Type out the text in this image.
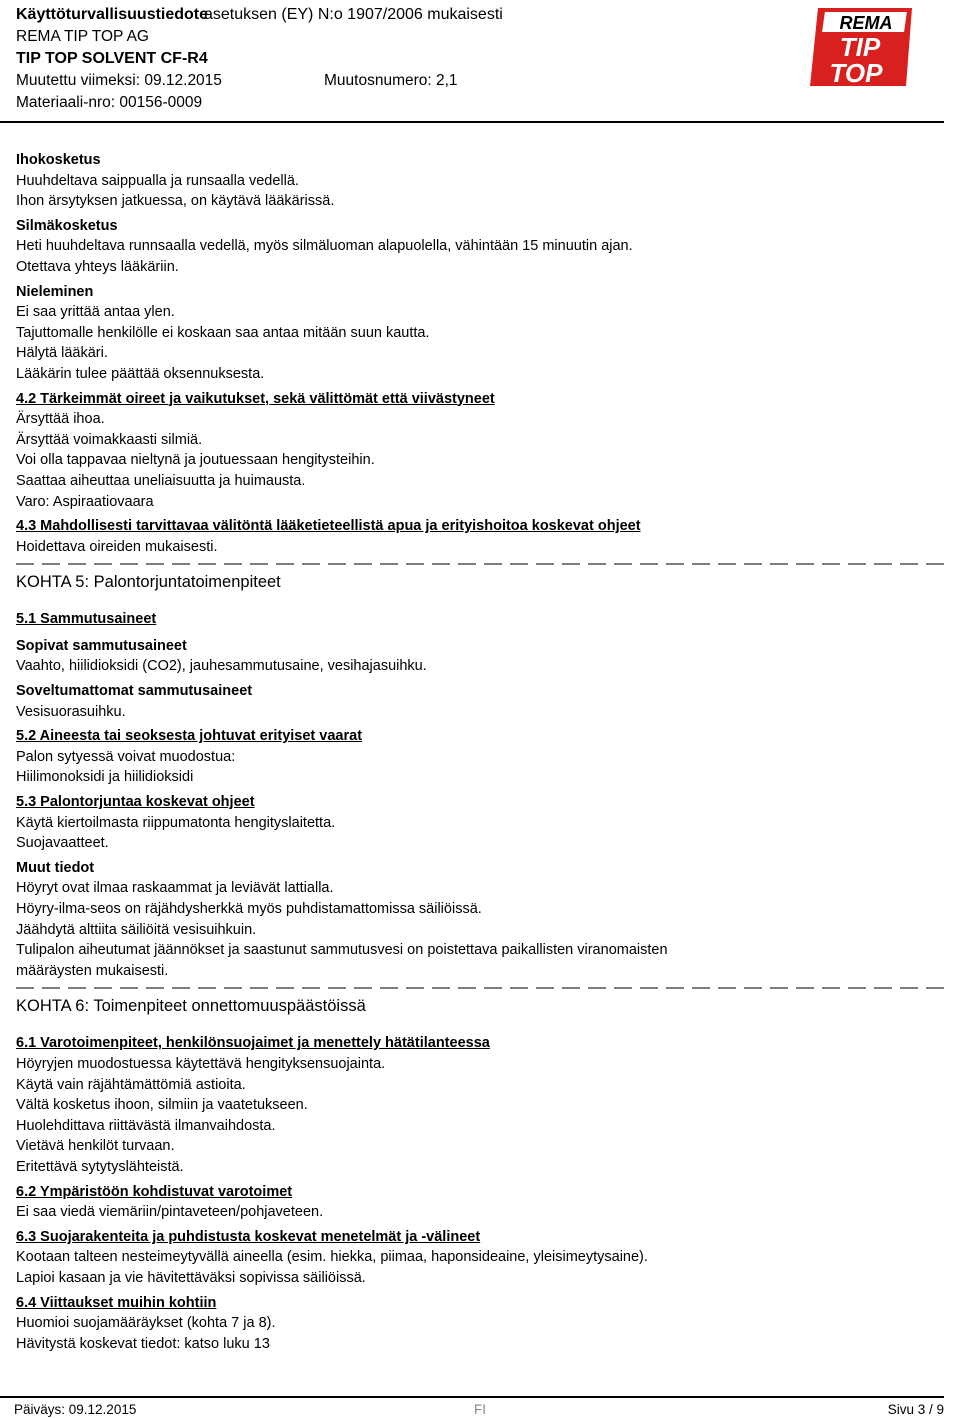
Käyttöturvallisuustiedote
asetuksen (EY) N:o 1907/2006 mukaisesti
REMA TIP TOP AG
TIP TOP SOLVENT CF-R4
Muutettu viimeksi: 09.12.2015	Muutosnumero: 2,1
Materiaali-nro: 00156-0009
REMA
TIP
TOP

Ihokosketus

Huuhdeltava saippualla ja runsaalla vedellä.

Ihon ärsytyksen jatkuessa, on käytävä lääkärissä.

Silmäkosketus

Heti huuhdeltava runnsaalla vedellä, myös silmäluoman alapuolella, vähintään 15 minuutin ajan.

Otettava yhteys lääkäriin.

Nieleminen

Ei saa yrittää antaa ylen.

Tajuttomalle henkilölle ei koskaan saa antaa mitään suun kautta.

Hälytä lääkäri.

Lääkärin tulee päättää oksennuksesta.

4.2 Tärkeimmät oireet ja vaikutukset, sekä välittömät että viivästyneet

Ärsyttää ihoa.

Ärsyttää voimakkaasti silmiä.

Voi olla tappavaa nieltynä ja joutuessaan hengitysteihin.

Saattaa aiheuttaa uneliaisuutta ja huimausta.

Varo: Aspiraatiovaara

4.3 Mahdollisesti tarvittavaa välitöntä lääketieteellistä apua ja erityishoitoa koskevat ohjeet

Hoidettava oireiden mukaisesti.

KOHTA 5: Palontorjuntatoimenpiteet

5.1 Sammutusaineet

Sopivat sammutusaineet

Vaahto, hiilidioksidi (CO2), jauhesammutusaine, vesihajasuihku.

Soveltumattomat sammutusaineet

Vesisuorasuihku.

5.2 Aineesta tai seoksesta johtuvat erityiset vaarat

Palon sytyessä voivat muodostua:

Hiilimonoksidi ja hiilidioksidi

5.3 Palontorjuntaa koskevat ohjeet

Käytä kiertoilmasta riippumatonta hengityslaitetta.

Suojavaatteet.

Muut tiedot

Höyryt ovat ilmaa raskaammat ja leviävät lattialla.

Höyry-ilma-seos on räjähdysherkkä myös puhdistamattomissa säiliöissä.

Jäähdytä alttiita säiliöitä vesisuihkuin.

Tulipalon aiheutumat jäännökset ja saastunut sammutusvesi on poistettava paikallisten viranomaisten

määräysten mukaisesti.

KOHTA 6: Toimenpiteet onnettomuuspäästöissä

6.1 Varotoimenpiteet, henkilönsuojaimet ja menettely hätätilanteessa

Höyryjen muodostuessa käytettävä hengityksensuojainta.

Käytä vain räjähtämättömiä astioita.

Vältä kosketus ihoon, silmiin ja vaatetukseen.

Huolehdittava riittävästä ilmanvaihdosta.

Vietävä henkilöt turvaan.

Eritettävä sytytyslähteistä.

6.2 Ympäristöön kohdistuvat varotoimet

Ei saa viedä viemäriin/pintaveteen/pohjaveteen.

6.3 Suojarakenteita ja puhdistusta koskevat menetelmät ja -välineet

Kootaan talteen nesteimeytyvällä aineella (esim. hiekka, piimaa, haponsideaine, yleisimeytysaine).

Lapioi kasaan ja vie hävitettäväksi sopivissa säiliöissä.

6.4 Viittaukset muihin kohtiin

Huomioi suojamääräykset (kohta 7 ja 8).

Hävitystä koskevat tiedot: katso luku 13

Päiväys: 09.12.2015	FI	Sivu 3 / 9
